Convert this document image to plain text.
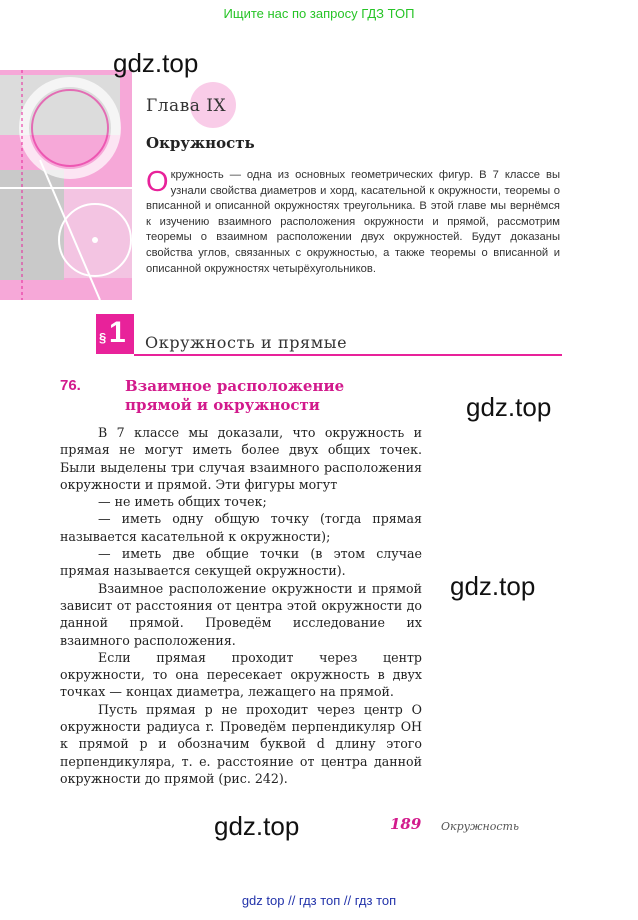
Ищите нас по запросу ГДЗ ТОП
gdz.top
Глава IX
Окружность
Окружность — одна из основных геометрических фигур. В 7 классе вы узнали свойства диаметров и хорд, касательной к окружности, теоремы о вписанной и описанной окружностях треугольника. В этой главе мы вернёмся к изучению взаимного расположения окружности и прямой, рассмотрим теоремы о взаимном расположении двух окружностей. Будут доказаны свойства углов, связанных с окружностью, а также теоремы о вписанной и описанной окружностях четырёхугольников.
§ 1 Окружность и прямые
76.	Взаимное расположение
прямой и окружности	gdz.top

В 7 классе мы доказали, что окружность и прямая не могут иметь более двух общих точек. Были выделены три случая взаимного расположения окружности и прямой. Эти фигуры могут

— не иметь общих точек;

— иметь одну общую точку (тогда прямая называется касательной к окружности);

— иметь две общие точки (в этом случае прямая называется секущей окружности).

Взаимное расположение окружности и прямой зависит от расстояния от центра этой окружности до данной прямой. Проведём исследование их взаимного расположения.

Если прямая проходит через центр окружности, то она пересекает окружность в двух точках — концах диаметра, лежащего на прямой.

Пусть прямая p не проходит через центр O окружности радиуса r. Проведём перпендикуляр OH к прямой p и обозначим буквой d длину этого перпендикуляра, т. е. расстояние от центра данной окружности до прямой (рис. 242).

gdz.top
gdz.top	189 Окружность
gdz top // гдз топ // гдз топ
